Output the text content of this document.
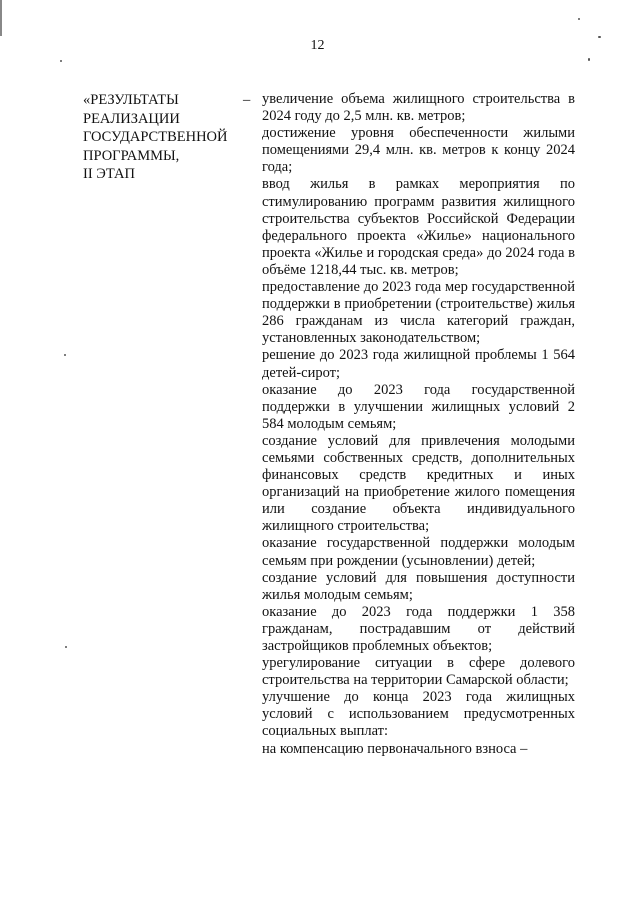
12
«РЕЗУЛЬТАТЫ
РЕАЛИЗАЦИИ
ГОСУДАРСТВЕННОЙ
ПРОГРАММЫ,
II ЭТАП
– увеличение объема жилищного строительства в 2024 году до 2,5 млн. кв. метров;

достижение уровня обеспеченности жилыми помещениями 29,4 млн. кв. метров к концу 2024 года;

ввод жилья в рамках мероприятия по стимулированию программ развития жилищного строительства субъектов Российской Федерации федерального проекта «Жилье» национального проекта «Жилье и городская среда» до 2024 года в объёме 1218,44 тыс. кв. метров;

предоставление до 2023 года мер государственной поддержки в приобретении (строительстве) жилья 286 гражданам из числа категорий граждан, установленных законодательством;

решение до 2023 года жилищной проблемы 1 564 детей-сирот;

оказание до 2023 года государственной поддержки в улучшении жилищных условий 2 584 молодым семьям;

создание условий для привлечения молодыми семьями собственных средств, дополнительных финансовых средств кредитных и иных организаций на приобретение жилого помещения или создание объекта индивидуального жилищного строительства;

оказание государственной поддержки молодым семьям при рождении (усыновлении) детей;

создание условий для повышения доступности жилья молодым семьям;

оказание до 2023 года поддержки 1 358 гражданам, пострадавшим от действий застройщиков проблемных объектов;

урегулирование ситуации в сфере долевого строительства на территории Самарской области;

улучшение до конца 2023 года жилищных условий с использованием предусмотренных социальных выплат:

на компенсацию первоначального взноса –
